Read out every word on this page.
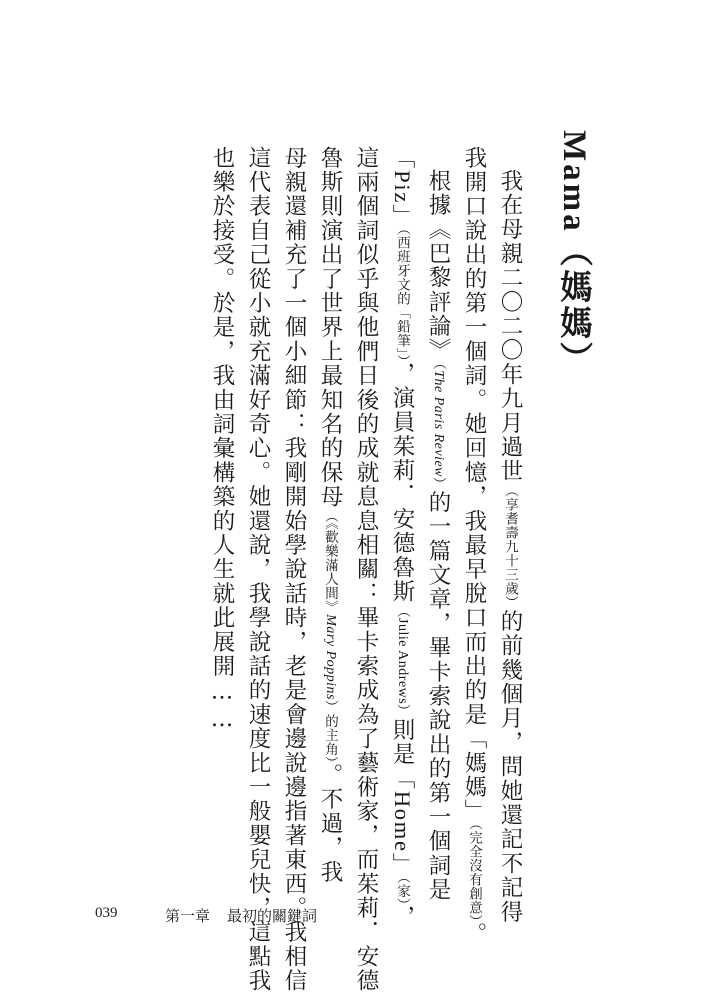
Mama（媽媽）
我在母親二〇二〇年九月過世（享耆壽九十三歲）的前幾個月，問她還記不記得
我開口說出的第一個詞。她回憶，我最早脫口而出的是「媽媽」（完全沒有創意）。
根據《巴黎評論》（The Paris Review）的一篇文章，畢卡索說出的第一個詞是
「Piz」（西班牙文的「鉛筆」），演員茱莉．安德魯斯（Julie Andrews）則是「Home」（家），
這兩個詞似乎與他們日後的成就息息相關：畢卡索成為了藝術家，而茱莉．安德
魯斯則演出了世界上最知名的保母（《歡樂滿人間》Mary Poppins）的主角）。不過，我
母親還補充了一個小細節：我剛開始學說話時，老是會邊說邊指著東西。我相信
這代表自己從小就充滿好奇心。她還說，我學說話的速度比一般嬰兒快，這點我
也樂於接受。於是，我由詞彙構築的人生就此展開……
039	第一章 最初的關鍵詞
